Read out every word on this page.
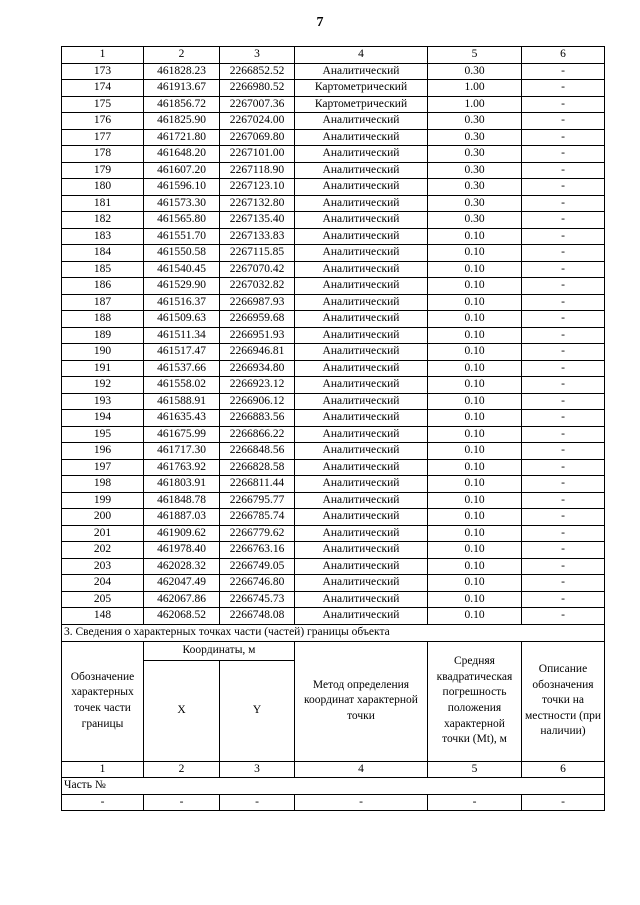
7
1	2	3	4	5	6
173	461828.23	2266852.52	Аналитический	0.30	-
174	461913.67	2266980.52	Картометрический	1.00	-
175	461856.72	2267007.36	Картометрический	1.00	-
176	461825.90	2267024.00	Аналитический	0.30	-
177	461721.80	2267069.80	Аналитический	0.30	-
178	461648.20	2267101.00	Аналитический	0.30	-
179	461607.20	2267118.90	Аналитический	0.30	-
180	461596.10	2267123.10	Аналитический	0.30	-
181	461573.30	2267132.80	Аналитический	0.30	-
182	461565.80	2267135.40	Аналитический	0.30	-
183	461551.70	2267133.83	Аналитический	0.10	-
184	461550.58	2267115.85	Аналитический	0.10	-
185	461540.45	2267070.42	Аналитический	0.10	-
186	461529.90	2267032.82	Аналитический	0.10	-
187	461516.37	2266987.93	Аналитический	0.10	-
188	461509.63	2266959.68	Аналитический	0.10	-
189	461511.34	2266951.93	Аналитический	0.10	-
190	461517.47	2266946.81	Аналитический	0.10	-
191	461537.66	2266934.80	Аналитический	0.10	-
192	461558.02	2266923.12	Аналитический	0.10	-
193	461588.91	2266906.12	Аналитический	0.10	-
194	461635.43	2266883.56	Аналитический	0.10	-
195	461675.99	2266866.22	Аналитический	0.10	-
196	461717.30	2266848.56	Аналитический	0.10	-
197	461763.92	2266828.58	Аналитический	0.10	-
198	461803.91	2266811.44	Аналитический	0.10	-
199	461848.78	2266795.77	Аналитический	0.10	-
200	461887.03	2266785.74	Аналитический	0.10	-
201	461909.62	2266779.62	Аналитический	0.10	-
202	461978.40	2266763.16	Аналитический	0.10	-
203	462028.32	2266749.05	Аналитический	0.10	-
204	462047.49	2266746.80	Аналитический	0.10	-
205	462067.86	2266745.73	Аналитический	0.10	-
148	462068.52	2266748.08	Аналитический	0.10	-
3. Сведения о характерных точках части (частей) границы объекта					
Обозначение характерных точек части границы	Координаты, м		Метод определения координат характерной точки	Средняя квадратическая погрешность положения характерной точки (Mt), м	Описание обозначения точки на местности (при наличии)
	X	Y			
1	2	3	4	5	6
Часть №					
-	-	-	-	-	-
